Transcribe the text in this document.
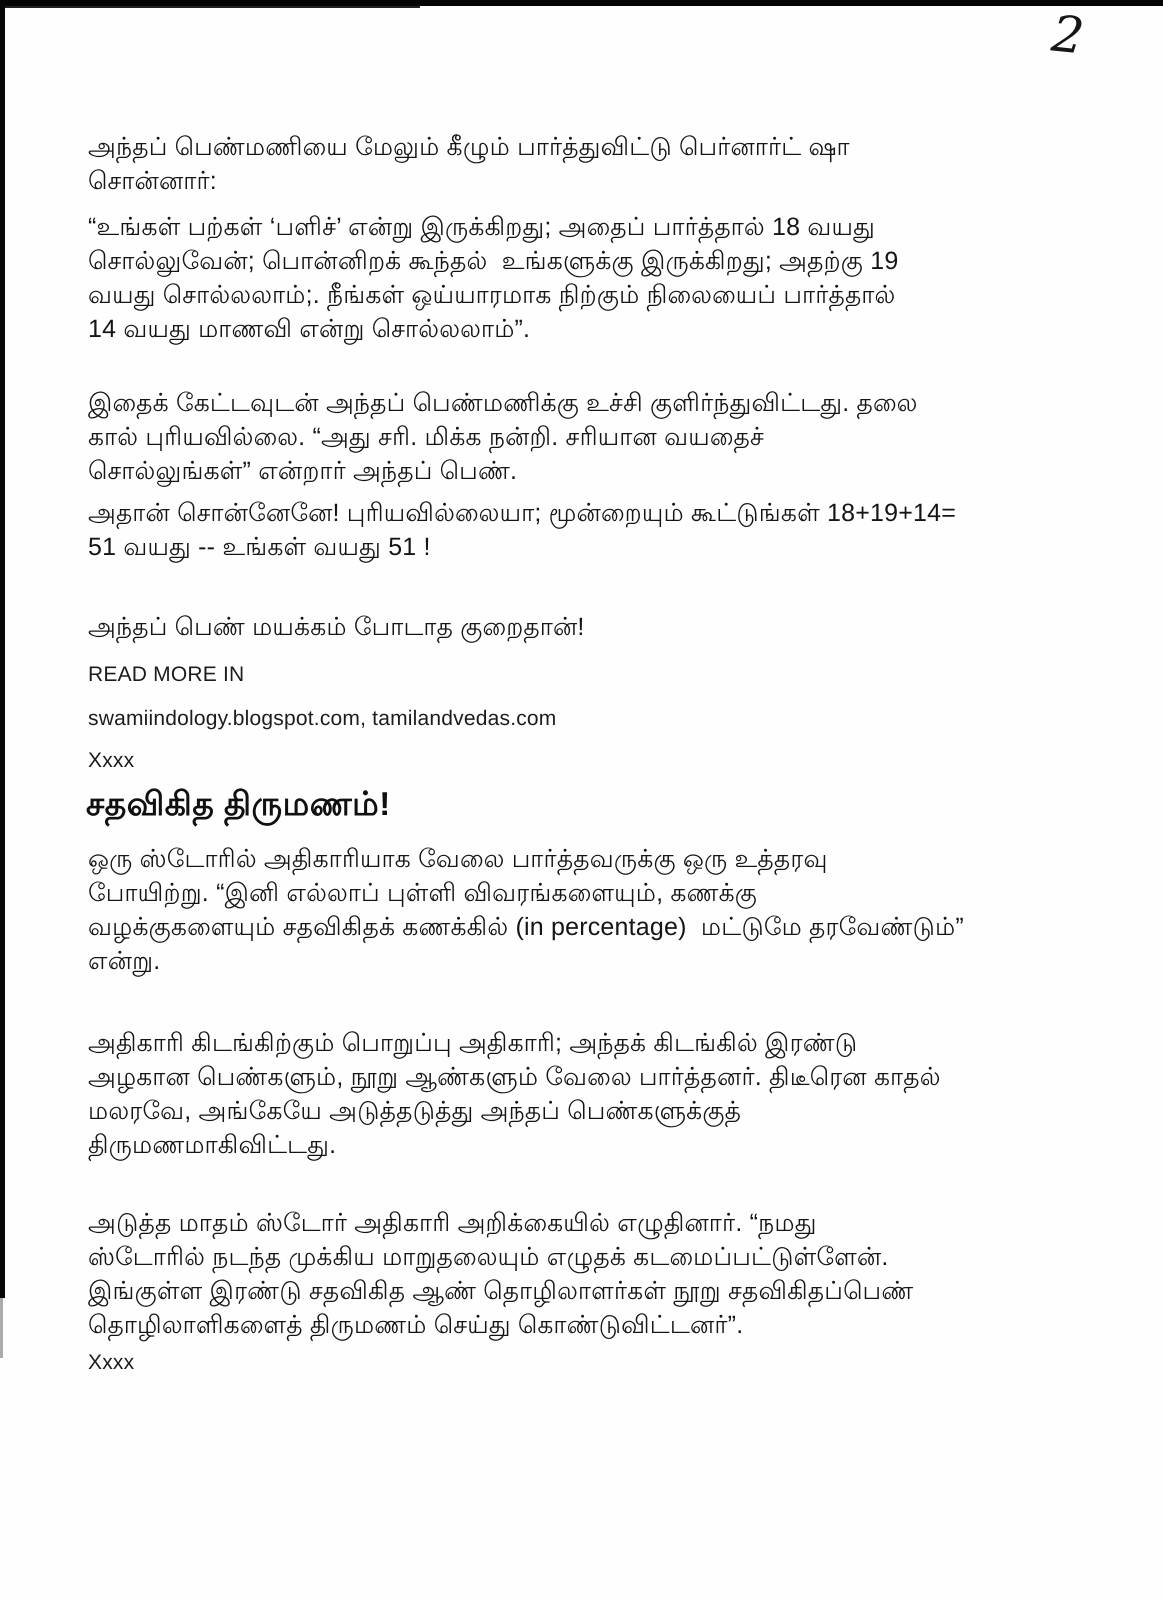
2
அந்தப் பெண்மணியை மேலும் கீழும் பார்த்துவிட்டு பெர்னார்ட் ஷா
சொன்னார்:
“உங்கள் பற்கள் ‘பளிச்’ என்று இருக்கிறது; அதைப் பார்த்தால் 18 வயது
சொல்லுவேன்; பொன்னிறக் கூந்தல்  உங்களுக்கு இருக்கிறது; அதற்கு 19
வயது சொல்லலாம்;. நீங்கள் ஒய்யாரமாக நிற்கும் நிலையைப் பார்த்தால்
14 வயது மாணவி என்று சொல்லலாம்”.
இதைக் கேட்டவுடன் அந்தப் பெண்மணிக்கு உச்சி குளிர்ந்துவிட்டது. தலை
கால் புரியவில்லை. “அது சரி. மிக்க நன்றி. சரியான வயதைச்
சொல்லுங்கள்” என்றார் அந்தப் பெண்.
அதான் சொன்னேனே! புரியவில்லையா; மூன்றையும் கூட்டுங்கள் 18+19+14=
51 வயது -- உங்கள் வயது 51 !
அந்தப் பெண் மயக்கம் போடாத குறைதான்!
READ MORE IN
swamiindology.blogspot.com, tamilandvedas.com
Xxxx
சதவிகித திருமணம்!
ஒரு ஸ்டோரில் அதிகாரியாக வேலை பார்த்தவருக்கு ஒரு உத்தரவு
போயிற்று. “இனி எல்லாப் புள்ளி விவரங்களையும், கணக்கு
வழக்குகளையும் சதவிகிதக் கணக்கில் (in percentage)  மட்டுமே தரவேண்டும்”
என்று.
அதிகாரி கிடங்கிற்கும் பொறுப்பு அதிகாரி; அந்தக் கிடங்கில் இரண்டு
அழகான பெண்களும், நூறு ஆண்களும் வேலை பார்த்தனர். திடீரென காதல்
மலரவே, அங்கேயே அடுத்தடுத்து அந்தப் பெண்களுக்குத்
திருமணமாகிவிட்டது.
அடுத்த மாதம் ஸ்டோர் அதிகாரி அறிக்கையில் எழுதினார். “நமது
ஸ்டோரில் நடந்த முக்கிய மாறுதலையும் எழுதக் கடமைப்பட்டுள்ளேன்.
இங்குள்ள இரண்டு சதவிகித ஆண் தொழிலாளர்கள் நூறு சதவிகிதப்பெண்
தொழிலாளிகளைத் திருமணம் செய்து கொண்டுவிட்டனர்”.
Xxxx
